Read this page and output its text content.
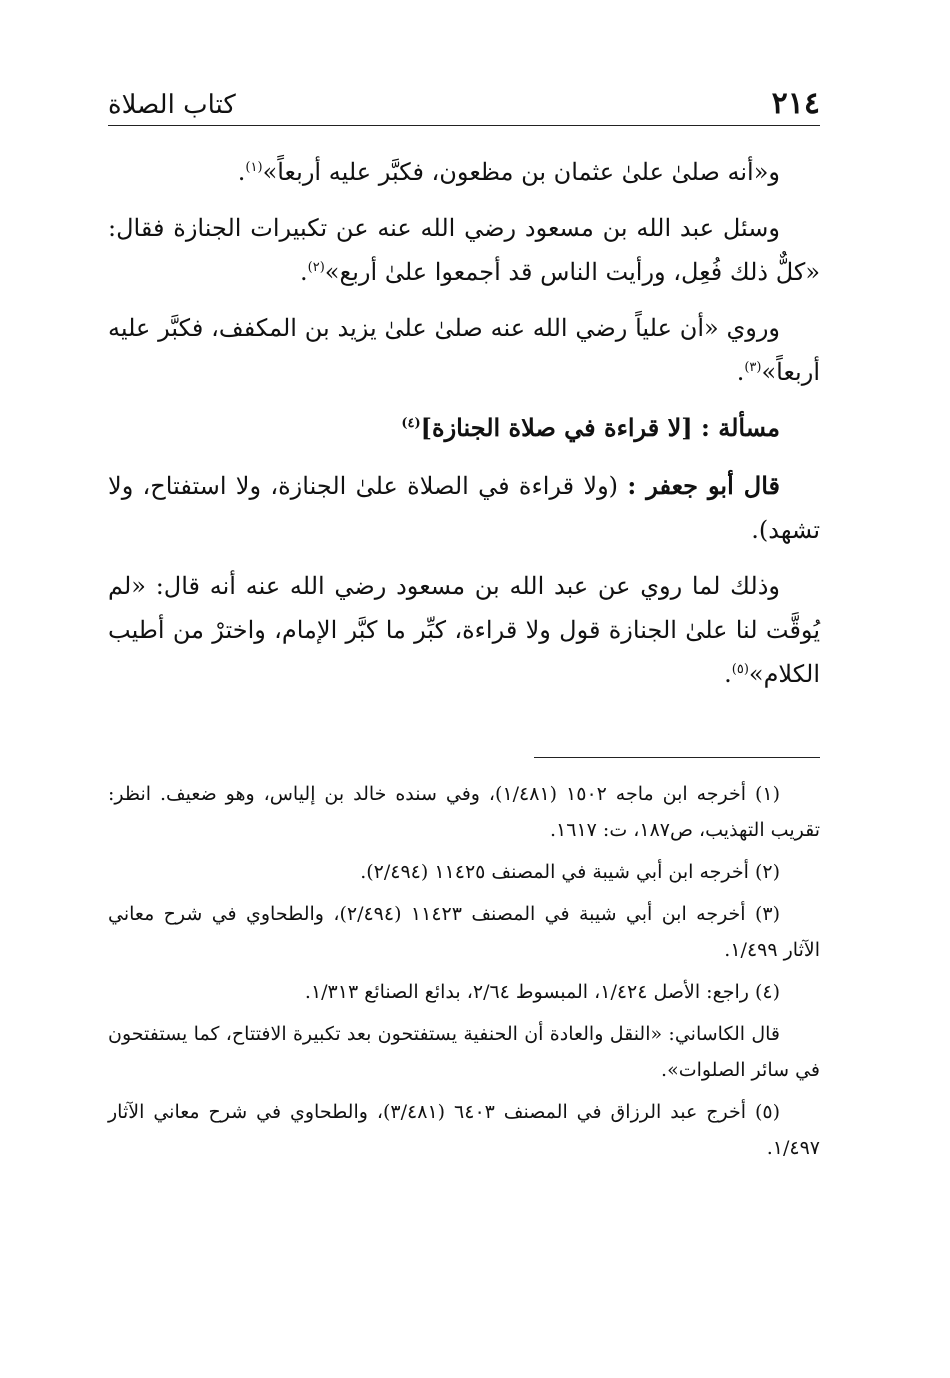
٢١٤
كتاب الصلاة

و«أنه صلىٰ علىٰ عثمان بن مظعون، فكبَّر عليه أربعاً»$^{(١)}$.

وسئل عبد الله بن مسعود رضي الله عنه عن تكبيرات الجنازة فقال: «كلٌّ ذلك فُعِل، ورأيت الناس قد أجمعوا علىٰ أربع»$^{(٢)}$.

وروي «أن علياً رضي الله عنه صلىٰ علىٰ يزيد بن المكفف، فكبَّر عليه أربعاً»$^{(٣)}$.

مسألة : [لا قراءة في صلاة الجنازة]$^{(٤)}$

قال أبو جعفر : (ولا قراءة في الصلاة علىٰ الجنازة، ولا استفتاح، ولا تشهد).

وذلك لما روي عن عبد الله بن مسعود رضي الله عنه أنه قال: «لم يُوقَّت لنا علىٰ الجنازة قول ولا قراءة، كبِّر ما كبَّر الإمام، واخترْ من أطيب الكلام»$^{(٥)}$.

(١) أخرجه ابن ماجه ١٥٠٢ (١/٤٨١)، وفي سنده خالد بن إلياس، وهو ضعيف. انظر: تقريب التهذيب، ص١٨٧، ت: ١٦١٧.

(٢) أخرجه ابن أبي شيبة في المصنف ١١٤٢٥ (٢/٤٩٤).

(٣) أخرجه ابن أبي شيبة في المصنف ١١٤٢٣ (٢/٤٩٤)، والطحاوي في شرح معاني الآثار ١/٤٩٩.

(٤) راجع: الأصل ١/٤٢٤، المبسوط ٢/٦٤، بدائع الصنائع ١/٣١٣.

قال الكاساني: «النقل والعادة أن الحنفية يستفتحون بعد تكبيرة الافتتاح، كما يستفتحون في سائر الصلوات».

(٥) أخرج عبد الرزاق في المصنف ٦٤٠٣ (٣/٤٨١)، والطحاوي في شرح معاني الآثار ١/٤٩٧.
